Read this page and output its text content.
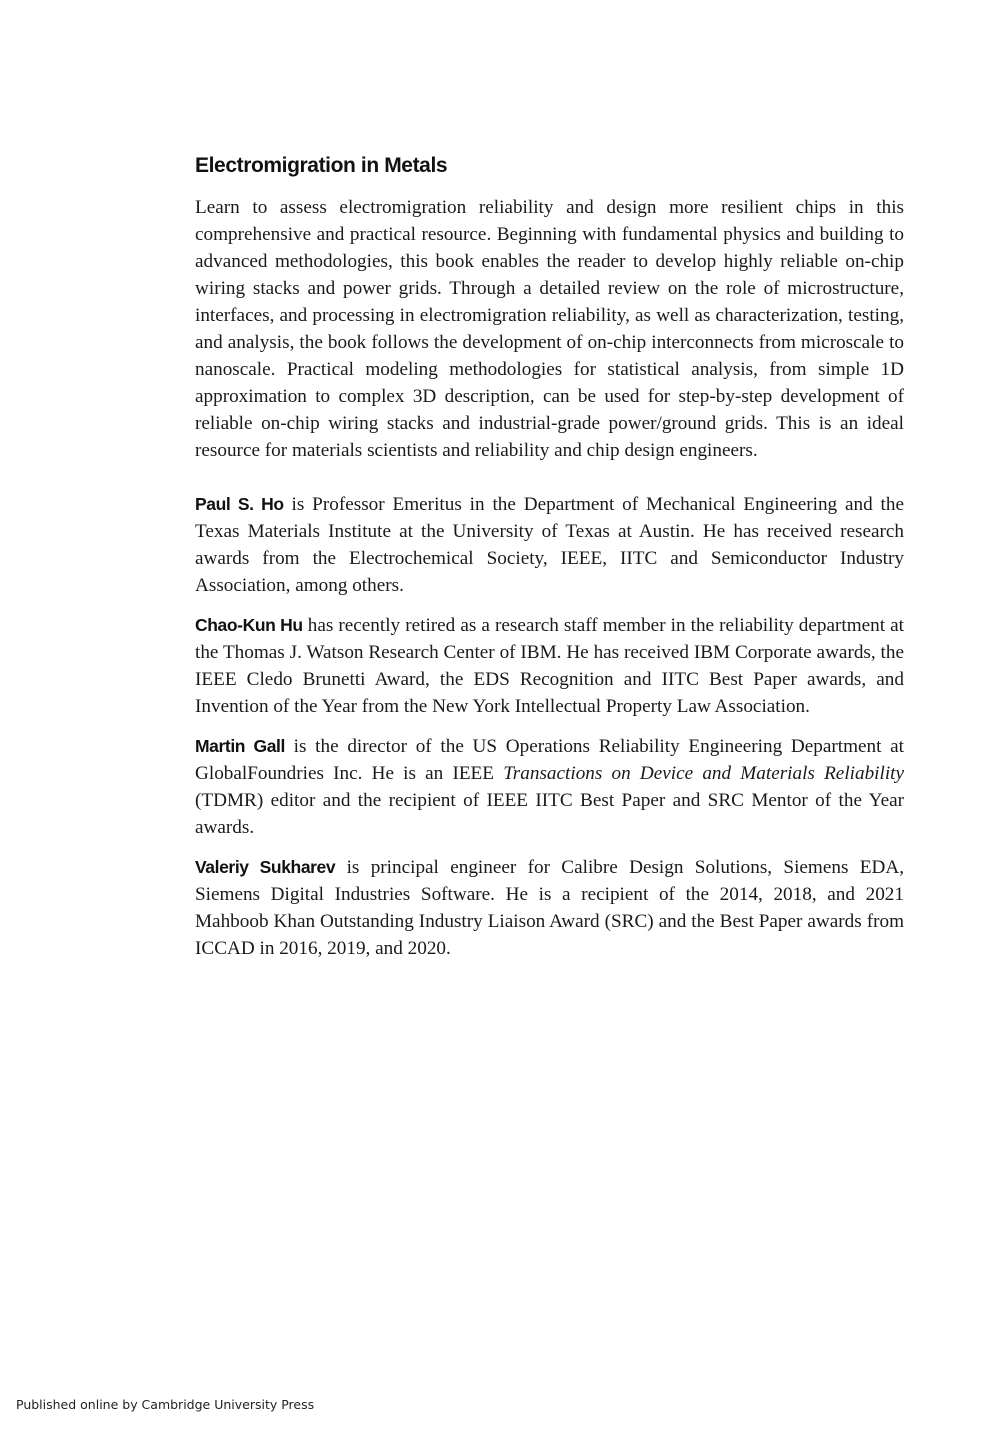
Electromigration in Metals

Learn to assess electromigration reliability and design more resilient chips in this comprehensive and practical resource. Beginning with fundamental physics and building to advanced methodologies, this book enables the reader to develop highly reliable on-chip wiring stacks and power grids. Through a detailed review on the role of microstructure, interfaces, and processing in electromigration reliability, as well as characterization, testing, and analysis, the book follows the development of on-chip interconnects from microscale to nanoscale. Practical modeling methodologies for statistical analysis, from simple 1D approximation to complex 3D description, can be used for step-by-step development of reliable on-chip wiring stacks and industrial-grade power/ground grids. This is an ideal resource for materials scientists and reliability and chip design engineers.

Paul S. Ho is Professor Emeritus in the Department of Mechanical Engineering and the Texas Materials Institute at the University of Texas at Austin. He has received research awards from the Electrochemical Society, IEEE, IITC and Semiconductor Industry Association, among others.

Chao-Kun Hu has recently retired as a research staff member in the reliability department at the Thomas J. Watson Research Center of IBM. He has received IBM Corporate awards, the IEEE Cledo Brunetti Award, the EDS Recognition and IITC Best Paper awards, and Invention of the Year from the New York Intellectual Property Law Association.

Martin Gall is the director of the US Operations Reliability Engineering Department at GlobalFoundries Inc. He is an IEEE Transactions on Device and Materials Reliability (TDMR) editor and the recipient of IEEE IITC Best Paper and SRC Mentor of the Year awards.

Valeriy Sukharev is principal engineer for Calibre Design Solutions, Siemens EDA, Siemens Digital Industries Software. He is a recipient of the 2014, 2018, and 2021 Mahboob Khan Outstanding Industry Liaison Award (SRC) and the Best Paper awards from ICCAD in 2016, 2019, and 2020.

Published online by Cambridge University Press
